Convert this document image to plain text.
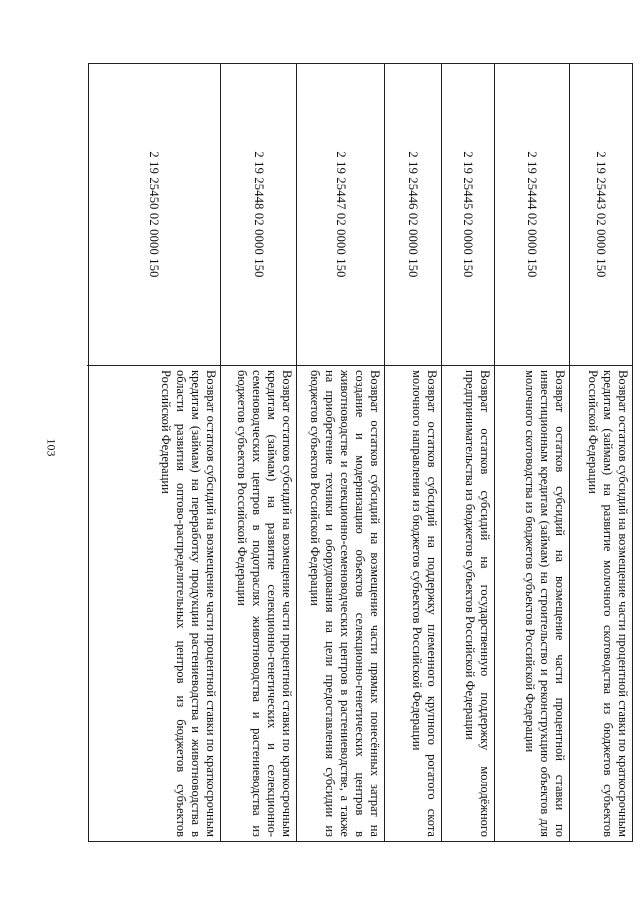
103
2 19 25443 02 0000 150
Возврат остатков субсидий на возмещение части процентной ставки по краткосрочным кредитам (займам) на развитие молочного скотоводства из бюджетов субъектов Российской Федерации
2 19 25444 02 0000 150
Возврат остатков субсидий на возмещение части процентной ставки по инвестиционным кредитам (займам) на строительство и реконструкцию объектов для молочного скотоводства из бюджетов субъектов Российской Федерации
2 19 25445 02 0000 150
Возврат остатков субсидий на государственную поддержку молодёжного предпринимательства из бюджетов субъектов Российской Федерации
2 19 25446 02 0000 150
Возврат остатков субсидий на поддержку племенного крупного рогатого скота молочного направления из бюджетов субъектов Российской Федерации
2 19 25447 02 0000 150
Возврат остатков субсидий на возмещение части прямых понесённых затрат на создание и модернизацию объектов селекционно-генетических центров в животноводстве и селекционно-семеноводческих центров в растениеводстве, а также на приобретение техники и оборудования на цели предоставления субсидии из бюджетов субъектов Российской Федерации
2 19 25448 02 0000 150
Возврат остатков субсидий на возмещение части процентной ставки по краткосрочным кредитам (займам) на развитие селекционно-генетических и селекционно-семеноводческих центров в подотраслях животноводства и растениеводства из бюджетов субъектов Российской Федерации
2 19 25450 02 0000 150
Возврат остатков субсидий на возмещение части процентной ставки по краткосрочным кредитам (займам) на переработку продукции растениеводства и животноводства в области развития оптово-распределительных центров из бюджетов субъектов Российской Федерации
